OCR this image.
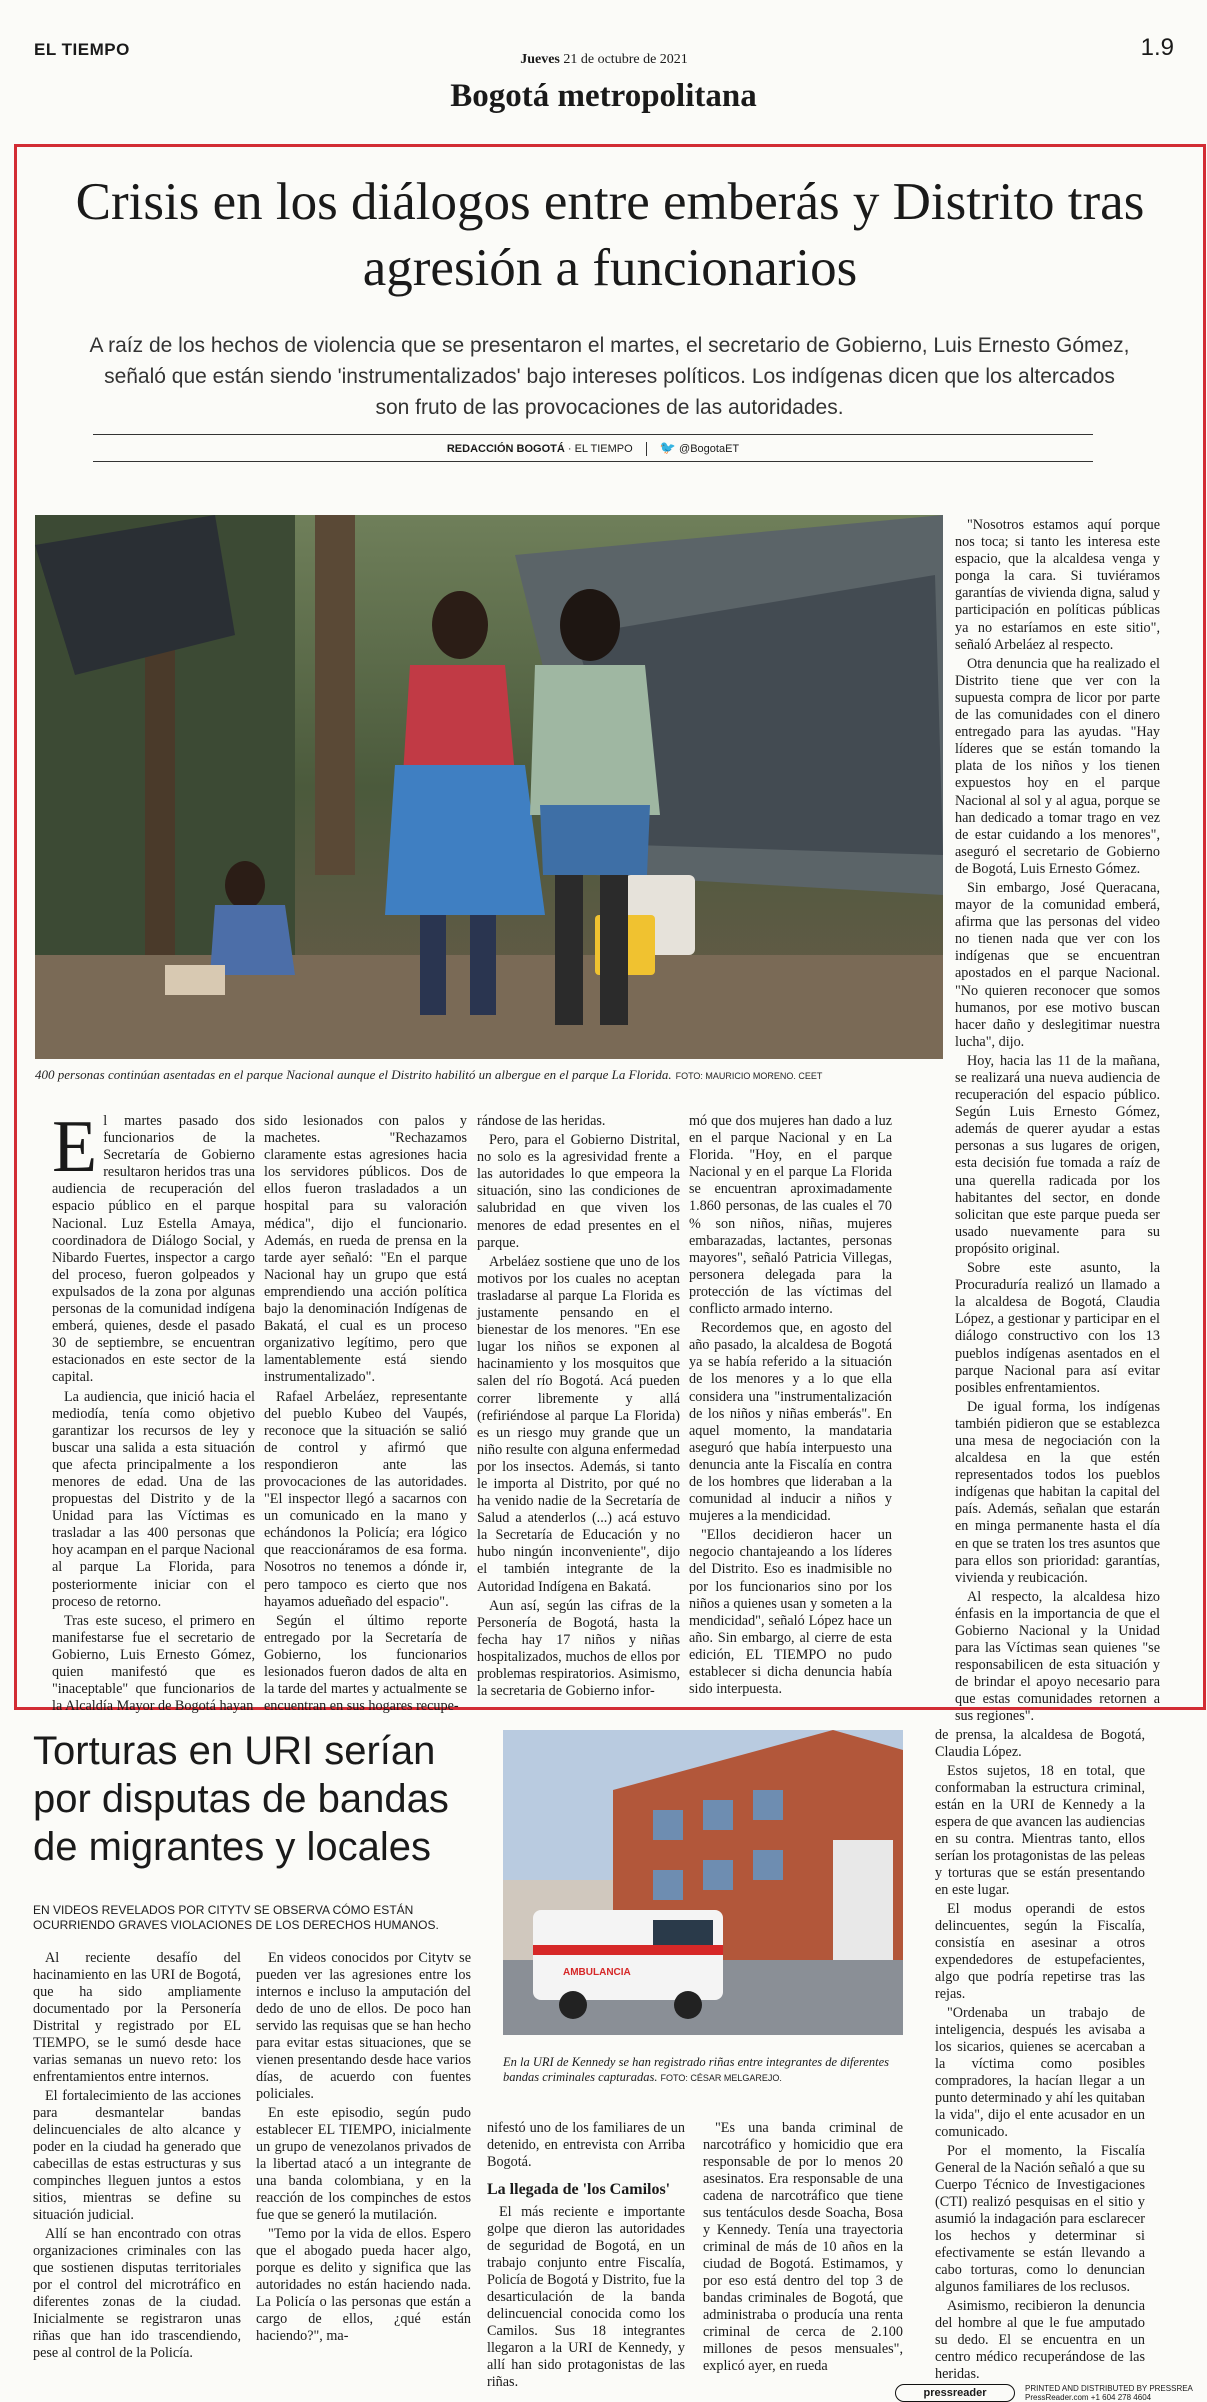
EL TIEMPO
Jueves 21 de octubre de 2021	1.9
Bogotá metropolitana
Crisis en los diálogos entre emberás y Distrito tras agresión a funcionarios
A raíz de los hechos de violencia que se presentaron el martes, el secretario de Gobierno, Luis Ernesto Gómez, señaló que están siendo 'instrumentalizados' bajo intereses políticos. Los indígenas dicen que los altercados son fruto de las provocaciones de las autoridades.
REDACCIÓN BOGOTÁ · EL TIEMPO 🐦 @BogotaET
400 personas continúan asentadas en el parque Nacional aunque el Distrito habilitó un albergue en el parque La Florida. FOTO: MAURICIO MORENO. CEET

El martes pasado dos funcionarios de la Secretaría de Gobierno resultaron heridos tras una audiencia de recuperación del espacio público en el parque Nacional. Luz Estella Amaya, coordinadora de Diálogo Social, y Nibardo Fuertes, inspector a cargo del proceso, fueron golpeados y expulsados de la zona por algunas personas de la comunidad indígena emberá, quienes, desde el pasado 30 de septiembre, se encuentran estacionados en este sector de la capital.

La audiencia, que inició hacia el mediodía, tenía como objetivo garantizar los recursos de ley y buscar una salida a esta situación que afecta principalmente a los menores de edad. Una de las propuestas del Distrito y de la Unidad para las Víctimas es trasladar a las 400 personas que hoy acampan en el parque Nacional al parque La Florida, para posteriormente iniciar con el proceso de retorno.

Tras este suceso, el primero en manifestarse fue el secretario de Gobierno, Luis Ernesto Gómez, quien manifestó que es "inaceptable" que funcionarios de la Alcaldía Mayor de Bogotá hayan

sido lesionados con palos y machetes. "Rechazamos claramente estas agresiones hacia los servidores públicos. Dos de ellos fueron trasladados a un hospital para su valoración médica", dijo el funcionario. Además, en rueda de prensa en la tarde ayer señaló: "En el parque Nacional hay un grupo que está emprendiendo una acción política bajo la denominación Indígenas de Bakatá, el cual es un proceso organizativo legítimo, pero que lamentablemente está siendo instrumentalizado".

Rafael Arbeláez, representante del pueblo Kubeo del Vaupés, reconoce que la situación se salió de control y afirmó que respondieron ante las provocaciones de las autoridades. "El inspector llegó a sacarnos con un comunicado en la mano y echándonos la Policía; era lógico que reaccionáramos de esa forma. Nosotros no tenemos a dónde ir, pero tampoco es cierto que nos hayamos adueñado del espacio".

Según el último reporte entregado por la Secretaría de Gobierno, los funcionarios lesionados fueron dados de alta en la tarde del martes y actualmente se encuentran en sus hogares recupe-

rándose de las heridas.

Pero, para el Gobierno Distrital, no solo es la agresividad frente a las autoridades lo que empeora la situación, sino las condiciones de salubridad en que viven los menores de edad presentes en el parque.

Arbeláez sostiene que uno de los motivos por los cuales no aceptan trasladarse al parque La Florida es justamente pensando en el bienestar de los menores. "En ese lugar los niños se exponen al hacinamiento y los mosquitos que salen del río Bogotá. Acá pueden correr libremente y allá (refiriéndose al parque La Florida) es un riesgo muy grande que un niño resulte con alguna enfermedad por los insectos. Además, si tanto le importa al Distrito, por qué no ha venido nadie de la Secretaría de Salud a atenderlos (...) acá estuvo la Secretaría de Educación y no hubo ningún inconveniente", dijo el también integrante de la Autoridad Indígena en Bakatá.

Aun así, según las cifras de la Personería de Bogotá, hasta la fecha hay 17 niños y niñas hospitalizados, muchos de ellos por problemas respiratorios. Asimismo, la secretaria de Gobierno infor-

mó que dos mujeres han dado a luz en el parque Nacional y en La Florida. "Hoy, en el parque Nacional y en el parque La Florida se encuentran aproximadamente 1.860 personas, de las cuales el 70 % son niños, niñas, mujeres embarazadas, lactantes, personas mayores", señaló Patricia Villegas, personera delegada para la protección de las víctimas del conflicto armado interno.

Recordemos que, en agosto del año pasado, la alcaldesa de Bogotá ya se había referido a la situación de los menores y a lo que ella considera una "instrumentalización de los niños y niñas emberás". En aquel momento, la mandataria aseguró que había interpuesto una denuncia ante la Fiscalía en contra de los hombres que lideraban a la comunidad al inducir a niños y mujeres a la mendicidad.

"Ellos decidieron hacer un negocio chantajeando a los líderes del Distrito. Eso es inadmisible no por los funcionarios sino por los niños a quienes usan y someten a la mendicidad", señaló López hace un año. Sin embargo, al cierre de esta edición, EL TIEMPO no pudo establecer si dicha denuncia había sido interpuesta.

"Nosotros estamos aquí porque nos toca; si tanto les interesa este espacio, que la alcaldesa venga y ponga la cara. Si tuviéramos garantías de vivienda digna, salud y participación en políticas públicas ya no estaríamos en este sitio", señaló Arbeláez al respecto.

Otra denuncia que ha realizado el Distrito tiene que ver con la supuesta compra de licor por parte de las comunidades con el dinero entregado para las ayudas. "Hay líderes que se están tomando la plata de los niños y los tienen expuestos hoy en el parque Nacional al sol y al agua, porque se han dedicado a tomar trago en vez de estar cuidando a los menores", aseguró el secretario de Gobierno de Bogotá, Luis Ernesto Gómez.

Sin embargo, José Queracana, mayor de la comunidad emberá, afirma que las personas del video no tienen nada que ver con los indígenas que se encuentran apostados en el parque Nacional. "No quieren reconocer que somos humanos, por ese motivo buscan hacer daño y deslegitimar nuestra lucha", dijo.

Hoy, hacia las 11 de la mañana, se realizará una nueva audiencia de recuperación del espacio público. Según Luis Ernesto Gómez, además de querer ayudar a estas personas a sus lugares de origen, esta decisión fue tomada a raíz de una querella radicada por los habitantes del sector, en donde solicitan que este parque pueda ser usado nuevamente para su propósito original.

Sobre este asunto, la Procuraduría realizó un llamado a la alcaldesa de Bogotá, Claudia López, a gestionar y participar en el diálogo constructivo con los 13 pueblos indígenas asentados en el parque Nacional para así evitar posibles enfrentamientos.

De igual forma, los indígenas también pidieron que se establezca una mesa de negociación con la alcaldesa en la que estén representados todos los pueblos indígenas que habitan la capital del país. Además, señalan que estarán en minga permanente hasta el día en que se traten los tres asuntos que para ellos son prioridad: garantías, vivienda y reubicación.

Al respecto, la alcaldesa hizo énfasis en la importancia de que el Gobierno Nacional y la Unidad para las Víctimas sean quienes "se responsabilicen de esta situación y de brindar el apoyo necesario para que estas comunidades retornen a sus regiones".

Torturas en URI serían por disputas de bandas de migrantes y locales
EN VIDEOS REVELADOS POR CITYTV SE OBSERVA CÓMO ESTÁN OCURRIENDO GRAVES VIOLACIONES DE LOS DERECHOS HUMANOS.
AMBULANCIA
En la URI de Kennedy se han registrado riñas entre integrantes de diferentes bandas criminales capturadas. FOTO: CÉSAR MELGAREJO.

Al reciente desafío del hacinamiento en las URI de Bogotá, que ha sido ampliamente documentado por la Personería Distrital y registrado por EL TIEMPO, se le sumó desde hace varias semanas un nuevo reto: los enfrentamientos entre internos.

El fortalecimiento de las acciones para desmantelar bandas delincuenciales de alto alcance y poder en la ciudad ha generado que cabecillas de estas estructuras y sus compinches lleguen juntos a estos sitios, mientras se define su situación judicial.

Allí se han encontrado con otras organizaciones criminales con las que sostienen disputas territoriales por el control del microtráfico en diferentes zonas de la ciudad. Inicialmente se registraron unas riñas que han ido trascendiendo, pese al control de la Policía.

En videos conocidos por Citytv se pueden ver las agresiones entre los internos e incluso la amputación del dedo de uno de ellos. De poco han servido las requisas que se han hecho para evitar estas situaciones, que se vienen presentando desde hace varios días, de acuerdo con fuentes policiales.

En este episodio, según pudo establecer EL TIEMPO, inicialmente un grupo de venezolanos privados de la libertad atacó a un integrante de una banda colombiana, y en la reacción de los compinches de estos fue que se generó la mutilación.

"Temo por la vida de ellos. Espero que el abogado pueda hacer algo, porque es delito y significa que las autoridades no están haciendo nada. La Policía o las personas que están a cargo de ellos, ¿qué están haciendo?", ma-

nifestó uno de los familiares de un detenido, en entrevista con Arriba Bogotá.

La llegada de 'los Camilos'

El más reciente e importante golpe que dieron las autoridades de seguridad de Bogotá, en un trabajo conjunto entre Fiscalía, Policía de Bogotá y Distrito, fue la desarticulación de la banda delincuencial conocida como los Camilos. Sus 18 integrantes llegaron a la URI de Kennedy, y allí han sido protagonistas de las riñas.

"Es una banda criminal de narcotráfico y homicidio que era responsable de por lo menos 20 asesinatos. Era responsable de una cadena de narcotráfico que tiene sus tentáculos desde Soacha, Bosa y Kennedy. Tenía una trayectoria criminal de más de 10 años en la ciudad de Bogotá. Estimamos, y por eso está dentro del top 3 de bandas criminales de Bogotá, que administraba o producía una renta criminal de cerca de 2.100 millones de pesos mensuales", explicó ayer, en rueda

de prensa, la alcaldesa de Bogotá, Claudia López.

Estos sujetos, 18 en total, que conformaban la estructura criminal, están en la URI de Kennedy a la espera de que avancen las audiencias en su contra. Mientras tanto, ellos serían los protagonistas de las peleas y torturas que se están presentando en este lugar.

El modus operandi de estos delincuentes, según la Fiscalía, consistía en asesinar a otros expendedores de estupefacientes, algo que podría repetirse tras las rejas.

"Ordenaba un trabajo de inteligencia, después les avisaba a los sicarios, quienes se acercaban a la víctima como posibles compradores, la hacían llegar a un punto determinado y ahí les quitaban la vida", dijo el ente acusador en un comunicado.

Por el momento, la Fiscalía General de la Nación señaló a que su Cuerpo Técnico de Investigaciones (CTI) realizó pesquisas en el sitio y asumió la indagación para esclarecer los hechos y determinar si efectivamente se están llevando a cabo torturas, como lo denuncian algunos familiares de los reclusos.

Asimismo, recibieron la denuncia del hombre al que le fue amputado su dedo. El se encuentra en un centro médico recuperándose de las heridas.

pressreader	PRINTED AND DISTRIBUTED BY PRESSREA
PressReader.com +1 604 278 4604
